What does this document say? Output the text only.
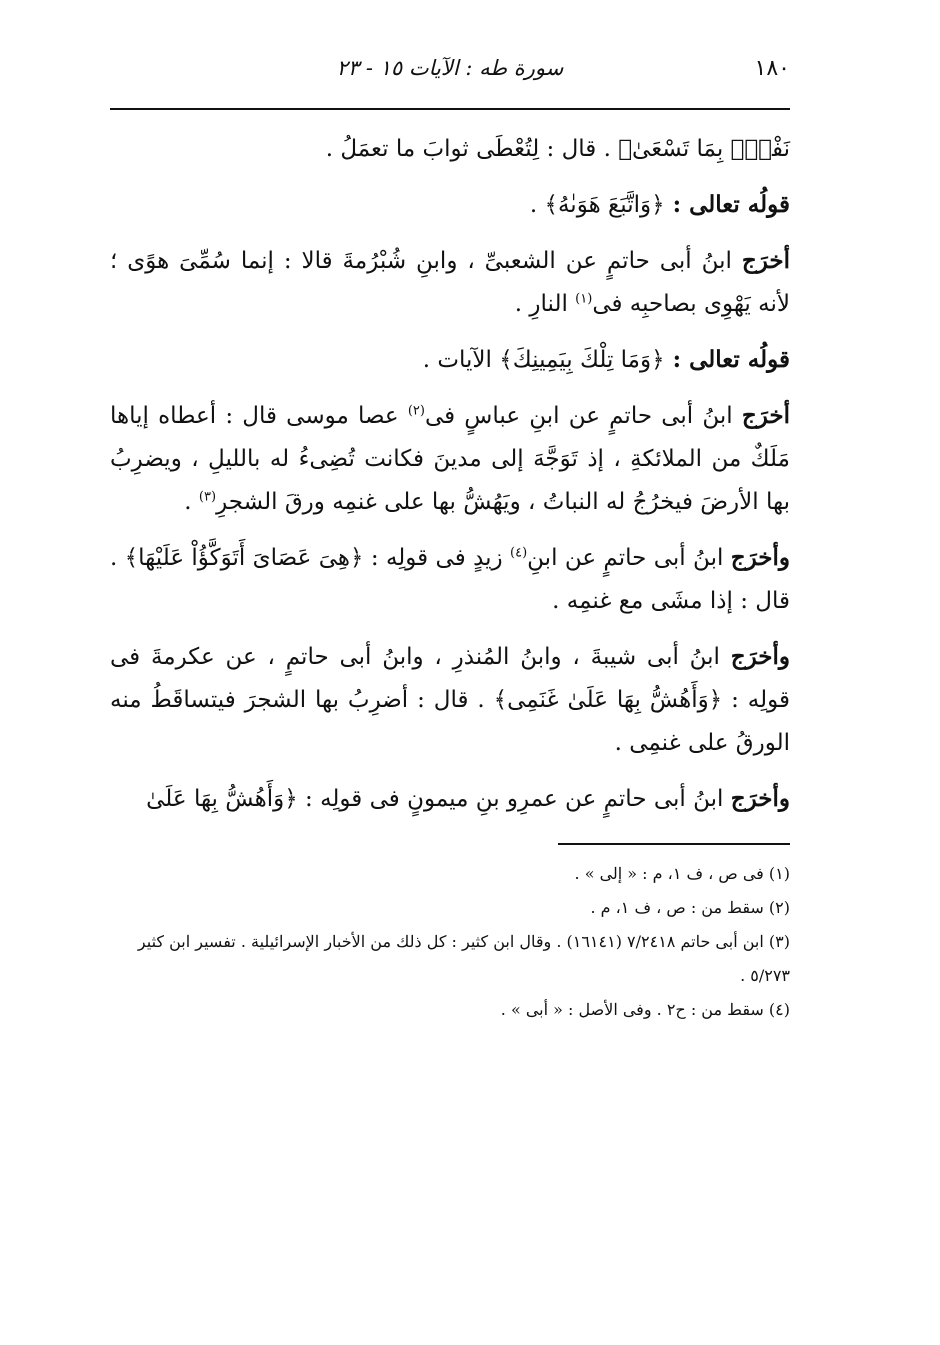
١٨٠
سورة طه : الآيات ١٥ - ٢٣

نَفْسِۭ بِمَا تَسْعَىٰ﴾ . قال : لِتُعْطَى ثوابَ ما تعمَلُ .

قولُه تعالى : ﴿وَاتَّبَعَ هَوَىٰهُ﴾ .

أخرَج ابنُ أبى حاتمٍ عن الشعبىِّ ، وابنِ شُبْرُمةَ قالا : إنما سُمِّىَ هوًى ؛ لأنه يَهْوِى بصاحبِه فى$^{(١)}$ النارِ .

قولُه تعالى : ﴿وَمَا تِلْكَ بِيَمِينِكَ﴾ الآيات .

أخرَج ابنُ أبى حاتمٍ عن ابنِ عباسٍ فى$^{(٢)}$ عصا موسى قال : أعطاه إياها مَلَكٌ من الملائكةِ ، إذ تَوَجَّهَ إلى مدينَ فكانت تُضِىءُ له بالليلِ ، ويضرِبُ بها الأرضَ فيخرُجُ له النباتُ ، ويَهُشُّ بها على غنمِه ورقَ الشجرِ$^{(٣)}$ .

وأخرَج ابنُ أبى حاتمٍ عن ابنِ$^{(٤)}$ زيدٍ فى قولِه : ﴿هِىَ عَصَاىَ أَتَوَكَّؤُاْ عَلَيْهَا﴾ . قال : إذا مشَى مع غنمِه .

وأخرَج ابنُ أبى شيبةَ ، وابنُ المُنذرِ ، وابنُ أبى حاتمٍ ، عن عكرمةَ فى قولِه : ﴿وَأَهُشُّ بِهَا عَلَىٰ غَنَمِى﴾ . قال : أضرِبُ بها الشجرَ فيتساقَطُ منه الورقُ على غنمِى .

وأخرَج ابنُ أبى حاتمٍ عن عمرِو بنِ ميمونٍ فى قولِه : ﴿وَأَهُشُّ بِهَا عَلَىٰ

(١) فى ص ، ف ١، م : « إلى » .

(٢) سقط من : ص ، ف ١، م .

(٣) ابن أبى حاتم ٧/٢٤١٨ (١٦١٤١) . وقال ابن كثير : كل ذلك من الأخبار الإسرائيلية . تفسير ابن كثير ٥/٢٧٣ .

(٤) سقط من : ح٢ . وفى الأصل : « أبى » .
